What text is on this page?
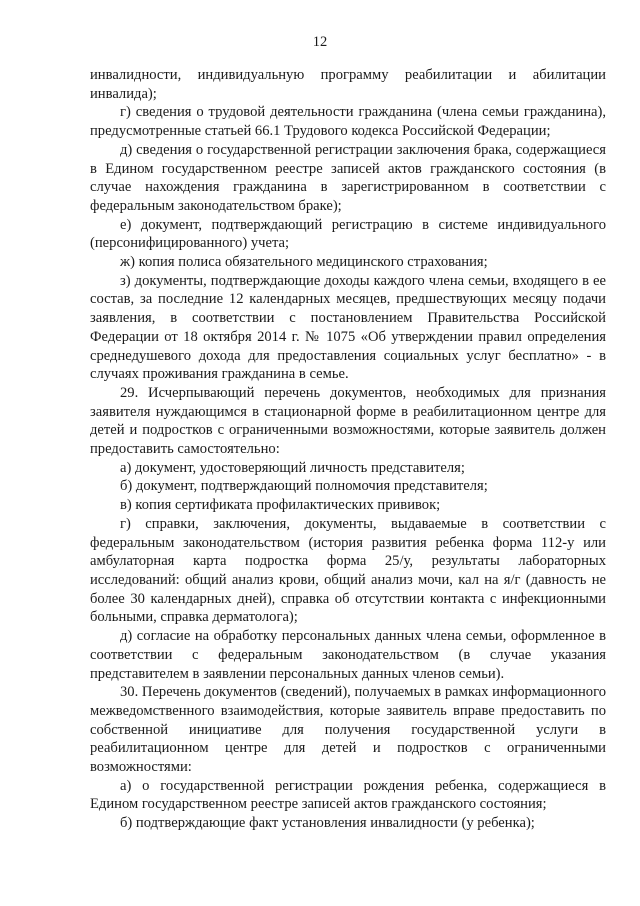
12

инвалидности, индивидуальную программу реабилитации и абилитации инвалида);

г) сведения о трудовой деятельности гражданина (члена семьи гражданина), предусмотренные статьей 66.1 Трудового кодекса Российской Федерации;

д) сведения о государственной регистрации заключения брака, содержащиеся в Едином государственном реестре записей актов гражданского состояния (в случае нахождения гражданина в зарегистрированном в соответствии с федеральным законодательством браке);

е) документ, подтверждающий регистрацию в системе индивидуального (персонифицированного) учета;

ж) копия полиса обязательного медицинского страхования;

з) документы, подтверждающие доходы каждого члена семьи, входящего в ее состав, за последние 12 календарных месяцев, предшествующих месяцу подачи заявления, в соответствии с постановлением Правительства Российской Федерации от 18 октября 2014 г. № 1075 «Об утверждении правил определения среднедушевого дохода для предоставления социальных услуг бесплатно» - в случаях проживания гражданина в семье.

29. Исчерпывающий перечень документов, необходимых для признания заявителя нуждающимся в стационарной форме в реабилитационном центре для детей и подростков с ограниченными возможностями, которые заявитель должен предоставить самостоятельно:

а) документ, удостоверяющий личность представителя;

б) документ, подтверждающий полномочия представителя;

в) копия сертификата профилактических прививок;

г) справки, заключения, документы, выдаваемые в соответствии с федеральным законодательством (история развития ребенка форма 112-у или амбулаторная карта подростка форма 25/у, результаты лабораторных исследований: общий анализ крови, общий анализ мочи, кал на я/г (давность не более 30 календарных дней), справка об отсутствии контакта с инфекционными больными, справка дерматолога);

д) согласие на обработку персональных данных члена семьи, оформленное в соответствии с федеральным законодательством (в случае указания представителем в заявлении персональных данных членов семьи).

30. Перечень документов (сведений), получаемых в рамках информационного межведомственного взаимодействия, которые заявитель вправе предоставить по собственной инициативе для получения государственной услуги в реабилитационном центре для детей и подростков с ограниченными возможностями:

а) о государственной регистрации рождения ребенка, содержащиеся в Едином государственном реестре записей актов гражданского состояния;

б) подтверждающие факт установления инвалидности (у ребенка);
